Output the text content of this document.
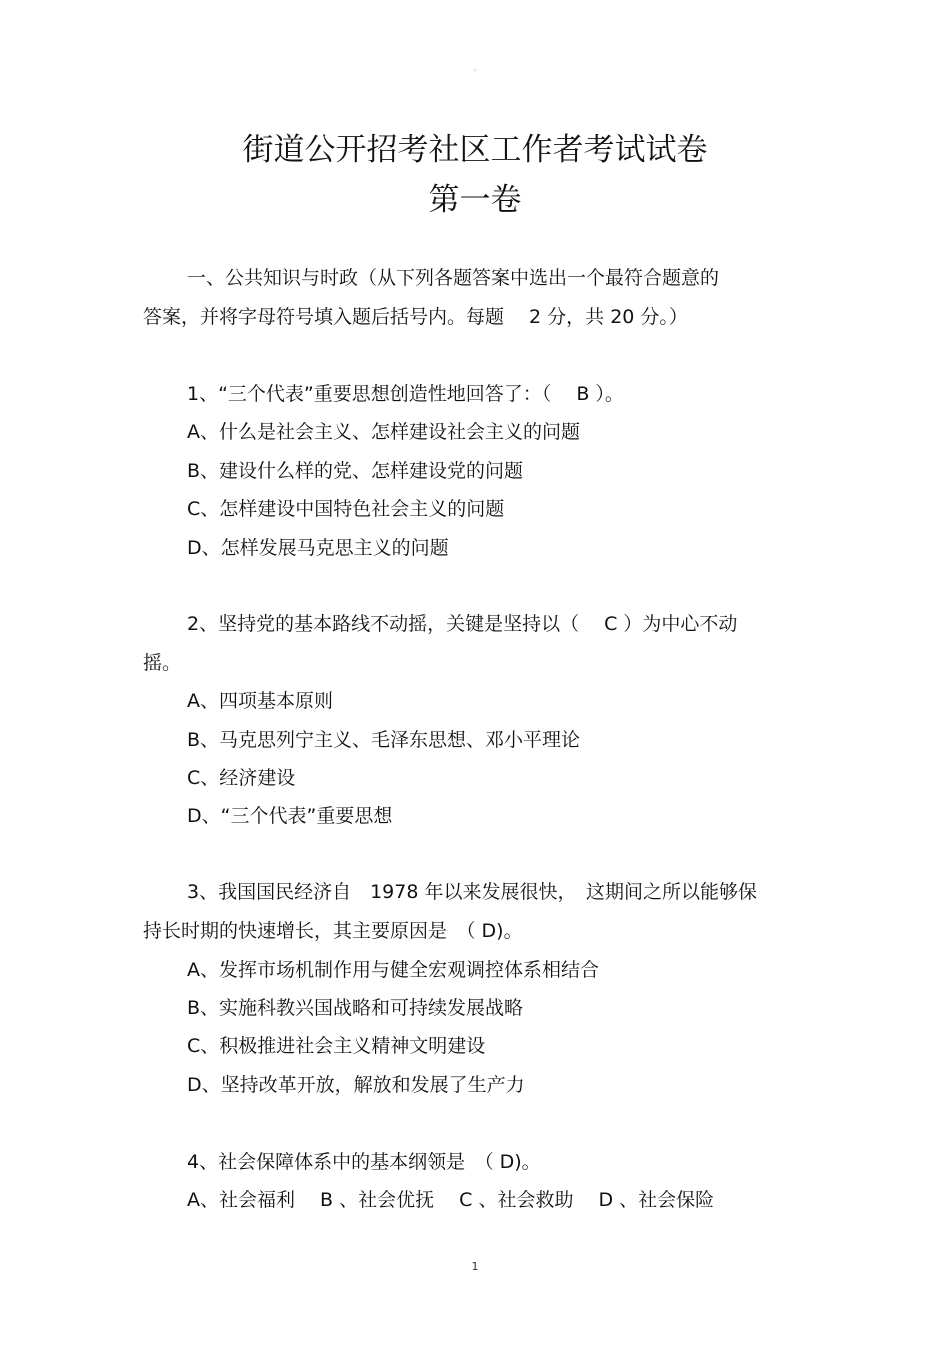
◦
街道公开招考社区工作者考试试卷
第一卷
一、公共知识与时政（从下列各题答案中选出一个最符合题意的
答案，并将字母符号填入题后括号内。每题　 2 分，共 20 分。）
1、“三个代表”重要思想创造性地回答了：（　 B ）。
A、什么是社会主义、怎样建设社会主义的问题
B、建设什么样的党、怎样建设党的问题
C、怎样建设中国特色社会主义的问题
D、怎样发展马克思主义的问题
2、坚持党的基本路线不动摇，关键是坚持以（　 C ）为中心不动
摇。
A、四项基本原则
B、马克思列宁主义、毛泽东思想、邓小平理论
C、经济建设
D、“三个代表”重要思想
3、我国国民经济自　1978 年以来发展很快，　这期间之所以能够保
持长时期的快速增长，其主要原因是　（ D)。
A、发挥市场机制作用与健全宏观调控体系相结合
B、实施科教兴国战略和可持续发展战略
C、积极推进社会主义精神文明建设
D、坚持改革开放，解放和发展了生产力
4、社会保障体系中的基本纲领是　（ D)。
A、社会福利　 B 、社会优抚　 C 、社会救助　 D 、社会保险
1
